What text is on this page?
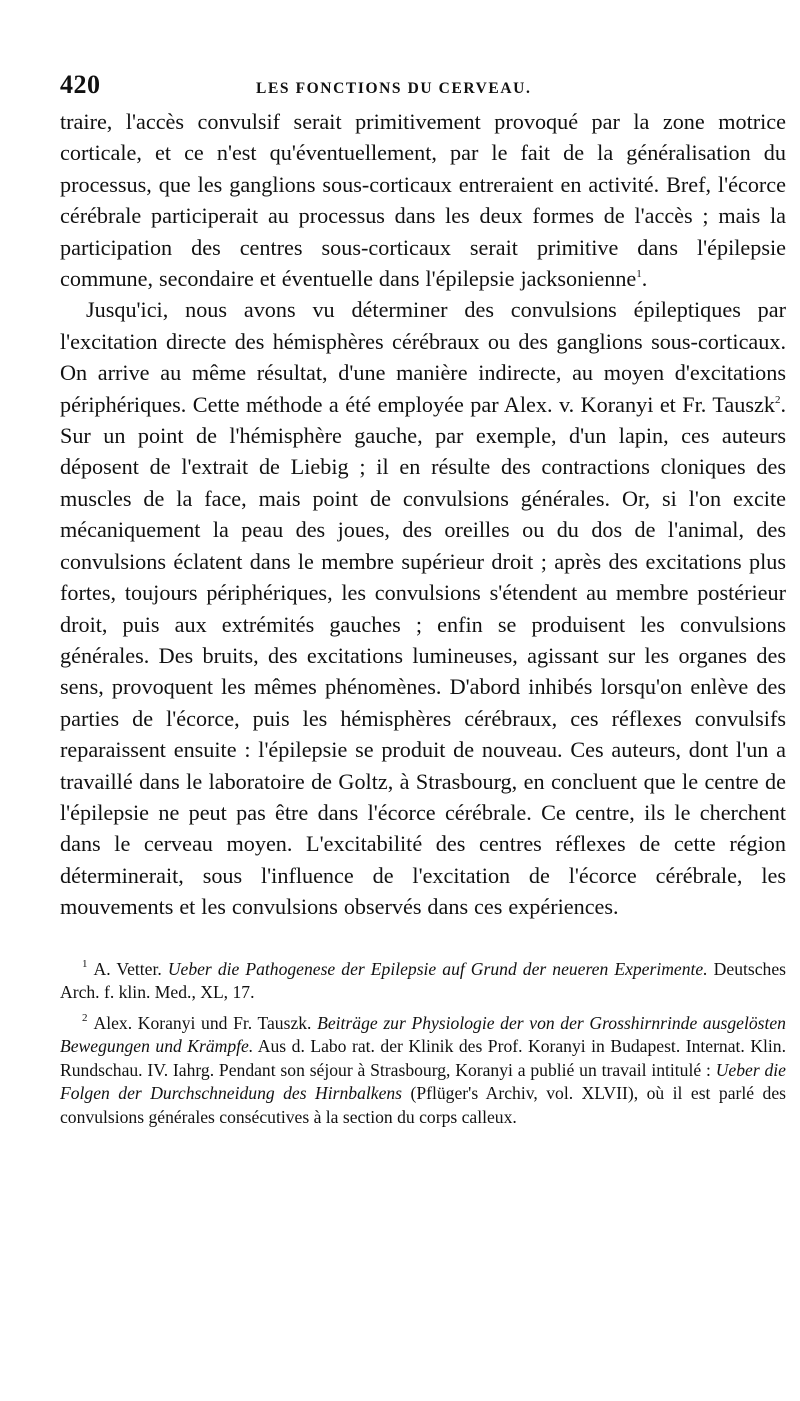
420	LES FONCTIONS DU CERVEAU.

traire, l'accès convulsif serait primitivement provoqué par la zone motrice corticale, et ce n'est qu'éventuellement, par le fait de la généralisation du processus, que les ganglions sous-corticaux entreraient en activité. Bref, l'écorce cérébrale participerait au processus dans les deux formes de l'accès ; mais la participation des centres sous-corticaux serait primitive dans l'épilepsie commune, secondaire et éventuelle dans l'épilepsie jacksonienne$^1$.

Jusqu'ici, nous avons vu déterminer des convulsions épileptiques par l'excitation directe des hémisphères cérébraux ou des ganglions sous-corticaux. On arrive au même résultat, d'une manière indirecte, au moyen d'excitations périphériques. Cette méthode a été employée par Alex. v. Koranyi et Fr. Tauszk$^2$. Sur un point de l'hémisphère gauche, par exemple, d'un lapin, ces auteurs déposent de l'extrait de Liebig ; il en résulte des contractions cloniques des muscles de la face, mais point de convulsions générales. Or, si l'on excite mécaniquement la peau des joues, des oreilles ou du dos de l'animal, des convulsions éclatent dans le membre supérieur droit ; après des excitations plus fortes, toujours périphériques, les convulsions s'étendent au membre postérieur droit, puis aux extrémités gauches ; enfin se produisent les convulsions générales. Des bruits, des excitations lumineuses, agissant sur les organes des sens, provoquent les mêmes phénomènes. D'abord inhibés lorsqu'on enlève des parties de l'écorce, puis les hémisphères cérébraux, ces réflexes convulsifs reparaissent ensuite : l'épilepsie se produit de nouveau. Ces auteurs, dont l'un a travaillé dans le laboratoire de Goltz, à Strasbourg, en concluent que le centre de l'épilepsie ne peut pas être dans l'écorce cérébrale. Ce centre, ils le cherchent dans le cerveau moyen. L'excitabilité des centres réflexes de cette région déterminerait, sous l'influence de l'excitation de l'écorce cérébrale, les mouvements et les convulsions observés dans ces expériences.

$^1$ A. Vetter. Ueber die Pathogenese der Epilepsie auf Grund der neueren Experimente. Deutsches Arch. f. klin. Med., XL, 17.

$^2$ Alex. Koranyi und Fr. Tauszk. Beiträge zur Physiologie der von der Grosshirnrinde ausgelösten Bewegungen und Krämpfe. Aus d. Labo rat. der Klinik des Prof. Koranyi in Budapest. Internat. Klin. Rundschau. IV. Iahrg. Pendant son séjour à Strasbourg, Koranyi a publié un travail intitulé : Ueber die Folgen der Durchschneidung des Hirnbalkens (Pflüger's Archiv, vol. XLVII), où il est parlé des convulsions générales consécutives à la section du corps calleux.
